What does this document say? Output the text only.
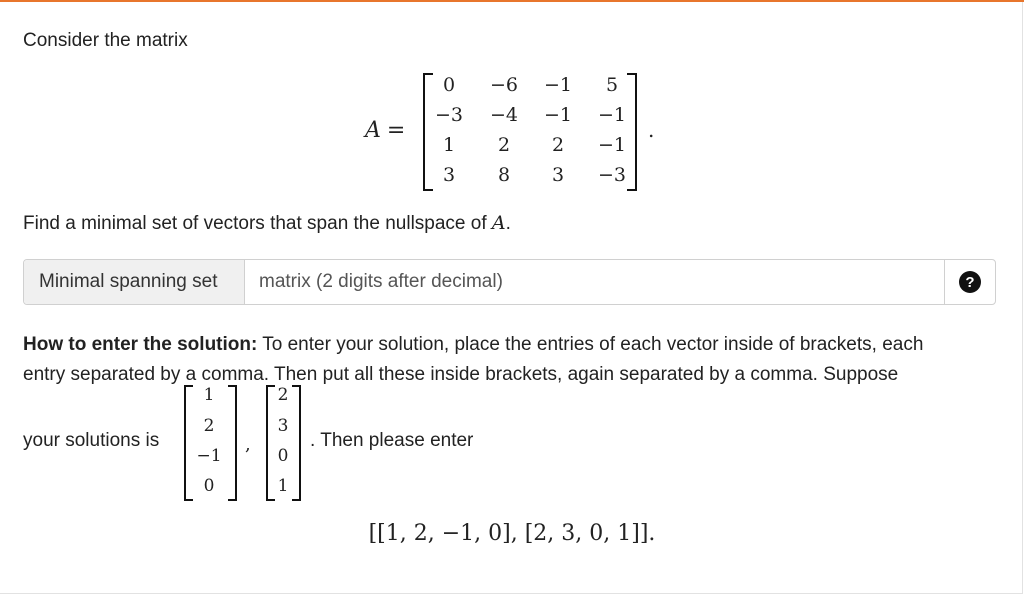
Consider the matrix
A =
0	−6	−1	5
−3	−4	−1	−1
1	2	2	−1
3	8	3	−3
.
Find a minimal set of vectors that span the nullspace of A.
Minimal spanning set
matrix (2 digits after decimal)	?
How to enter the solution: To enter your solution, place the entries of each vector inside of brackets, each
entry separated by a comma. Then put all these inside brackets, again separated by a comma. Suppose
your solutions is
1
2
−1
0
,
2
3
0
1
. Then please enter
[[1, 2, −1, 0], [2, 3, 0, 1]].
